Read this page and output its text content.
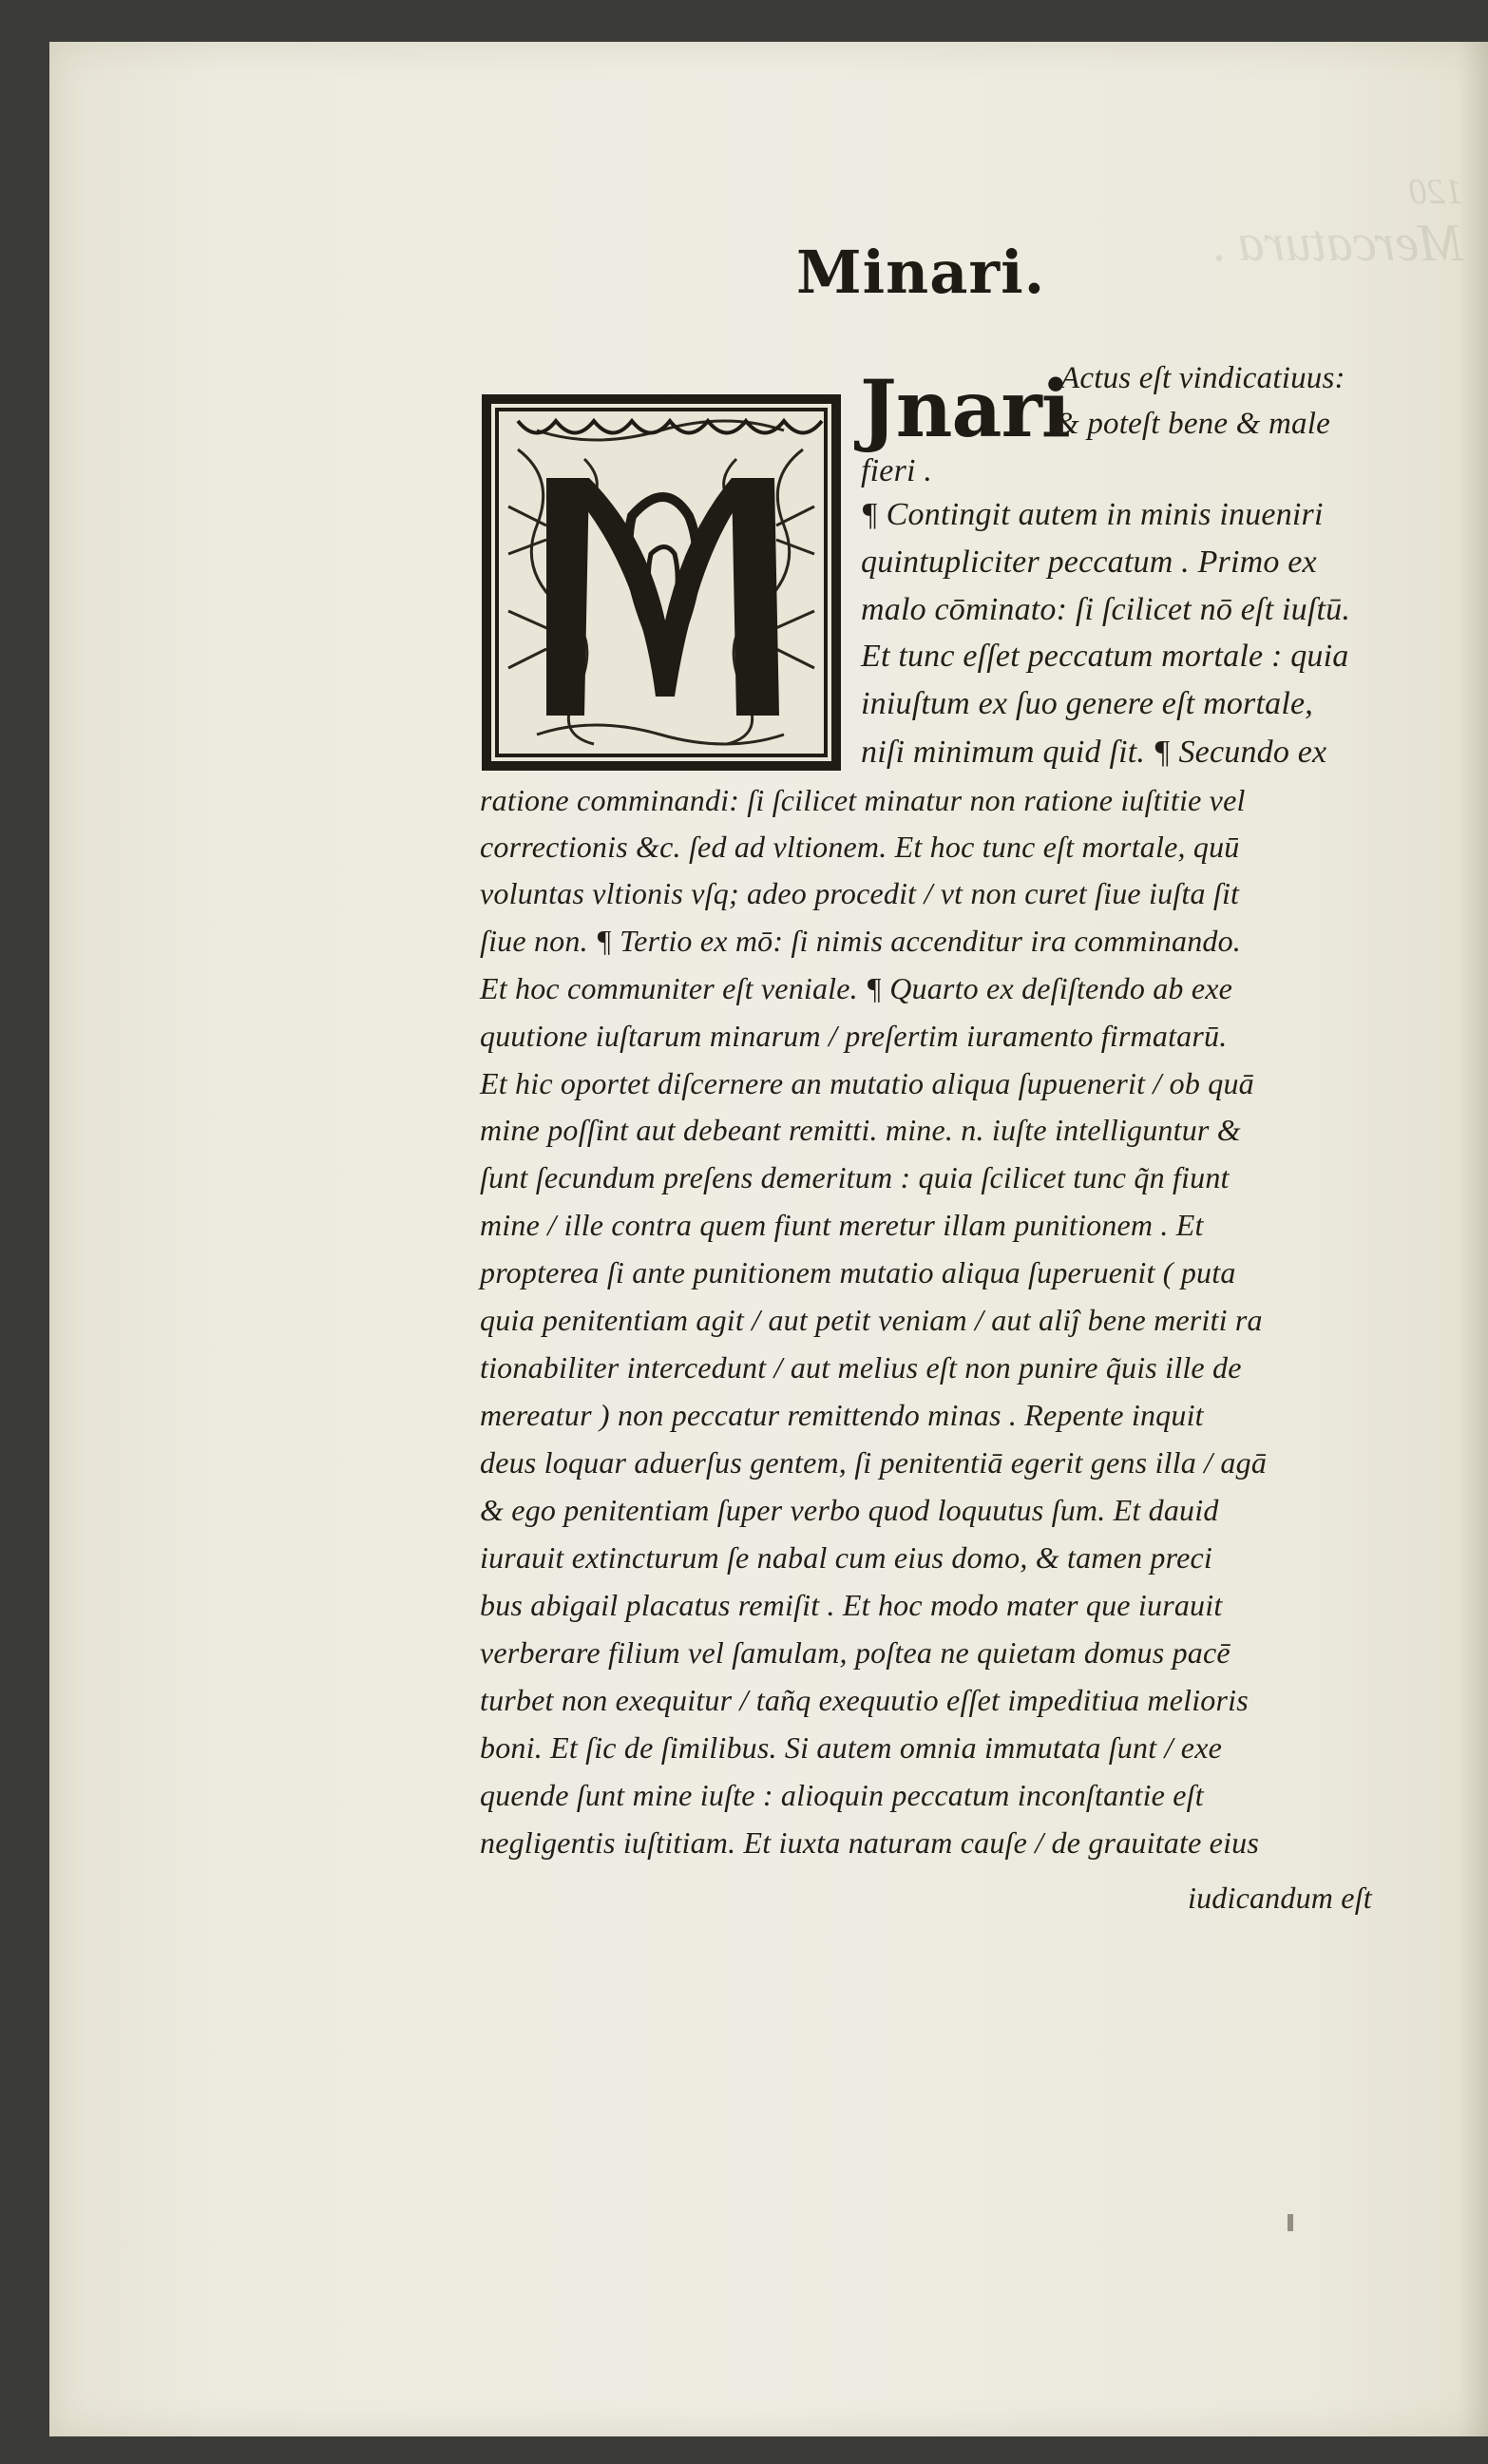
Minari.
Jnari
Actus eſt vindicatiuus:
& poteſt bene & male
fieri .
¶ Contingit autem in minis inueniri
quintupliciter peccatum . Primo ex
malo cōminato: ſi ſcilicet nō eſt iuſtū.
Et tunc eſſet peccatum mortale : quia
iniuſtum ex ſuo genere eſt mortale,
niſi minimum quid ſit. ¶ Secundo ex
ratione comminandi: ſi ſcilicet minatur non ratione iuſtitie vel
correctionis &c. ſed ad vltionem. Et hoc tunc eſt mortale, quū
voluntas vltionis vſq; adeo procedit / vt non curet ſiue iuſta ſit
ſiue non. ¶ Tertio ex mō: ſi nimis accenditur ira comminando.
Et hoc communiter eſt veniale. ¶ Quarto ex deſiſtendo ab exe
quutione iuſtarum minarum / preſertim iuramento firmatarū.
Et hic oportet diſcernere an mutatio aliqua ſupuenerit / ob quā
mine poſſint aut debeant remitti. mine. n. iuſte intelliguntur &
ſunt ſecundum preſens demeritum : quia ſcilicet tunc q̃n fiunt
mine / ille contra quem fiunt meretur illam punitionem . Et
propterea ſi ante punitionem mutatio aliqua ſuperuenit ( puta
quia penitentiam agit / aut petit veniam / aut aliĵ bene meriti ra
tionabiliter intercedunt / aut melius eſt non punire q̃uis ille de
mereatur ) non peccatur remittendo minas . Repente inquit
deus loquar aduerſus gentem, ſi penitentiā egerit gens illa / agā
& ego penitentiam ſuper verbo quod loquutus ſum. Et dauid
iurauit extincturum ſe nabal cum eius domo, & tamen preci
bus abigail placatus remiſit . Et hoc modo mater que iurauit
verberare filium vel ſamulam, poſtea ne quietam domus pacē
turbet non exequitur / tañq exequutio eſſet impeditiua melioris
boni. Et ſic de ſimilibus. Si autem omnia immutata ſunt / exe
quende ſunt mine iuſte : alioquin peccatum inconſtantie eſt
negligentis iuſtitiam. Et iuxta naturam cauſe / de grauitate eius
iudicandum eſt
